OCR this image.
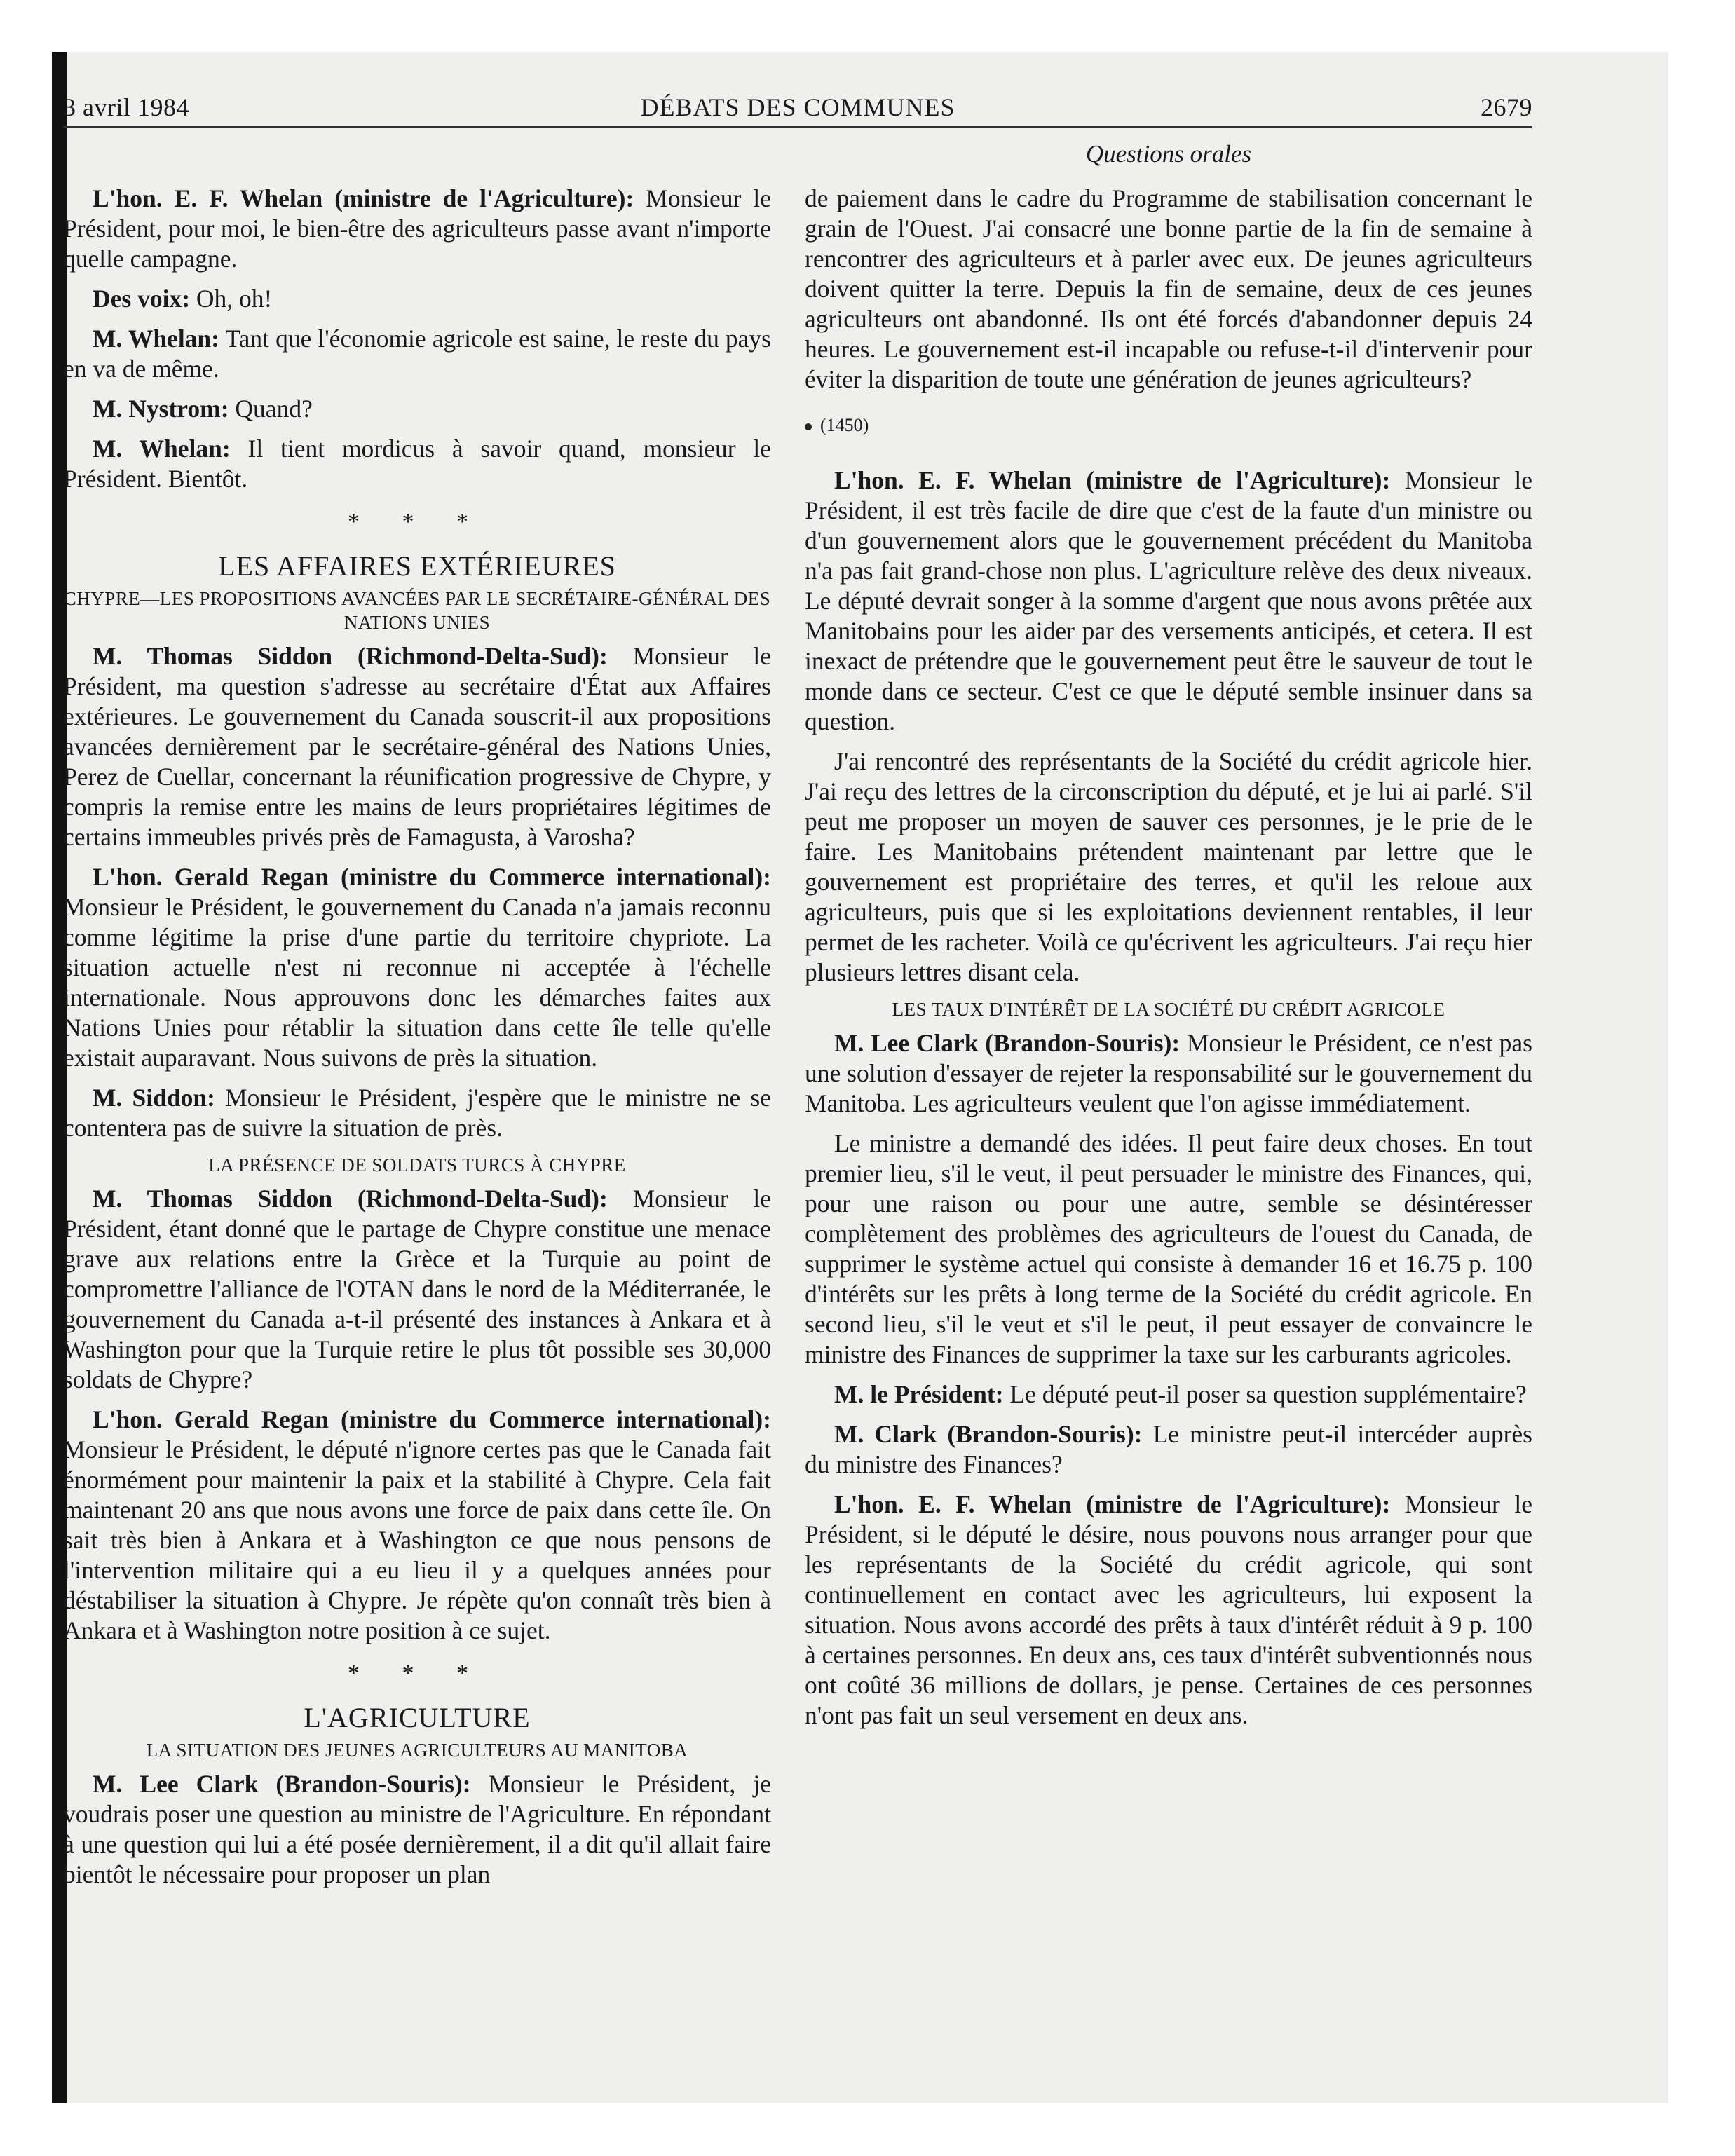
3 avril 1984	DÉBATS DES COMMUNES	2679
Questions orales

L'hon. E. F. Whelan (ministre de l'Agriculture): Monsieur le Président, pour moi, le bien-être des agriculteurs passe avant n'importe quelle campagne.

Des voix: Oh, oh!

M. Whelan: Tant que l'économie agricole est saine, le reste du pays en va de même.

M. Nystrom: Quand?

M. Whelan: Il tient mordicus à savoir quand, monsieur le Président. Bientôt.

* * *
LES AFFAIRES EXTÉRIEURES
CHYPRE—LES PROPOSITIONS AVANCÉES PAR LE SECRÉTAIRE-GÉNÉRAL DES NATIONS UNIES

M. Thomas Siddon (Richmond-Delta-Sud): Monsieur le Président, ma question s'adresse au secrétaire d'État aux Affaires extérieures. Le gouvernement du Canada souscrit-il aux propositions avancées dernièrement par le secrétaire-général des Nations Unies, Perez de Cuellar, concernant la réunification progressive de Chypre, y compris la remise entre les mains de leurs propriétaires légitimes de certains immeubles privés près de Famagusta, à Varosha?

L'hon. Gerald Regan (ministre du Commerce international): Monsieur le Président, le gouvernement du Canada n'a jamais reconnu comme légitime la prise d'une partie du territoire chypriote. La situation actuelle n'est ni reconnue ni acceptée à l'échelle internationale. Nous approuvons donc les démarches faites aux Nations Unies pour rétablir la situation dans cette île telle qu'elle existait auparavant. Nous suivons de près la situation.

M. Siddon: Monsieur le Président, j'espère que le ministre ne se contentera pas de suivre la situation de près.

LA PRÉSENCE DE SOLDATS TURCS À CHYPRE

M. Thomas Siddon (Richmond-Delta-Sud): Monsieur le Président, étant donné que le partage de Chypre constitue une menace grave aux relations entre la Grèce et la Turquie au point de compromettre l'alliance de l'OTAN dans le nord de la Méditerranée, le gouvernement du Canada a-t-il présenté des instances à Ankara et à Washington pour que la Turquie retire le plus tôt possible ses 30,000 soldats de Chypre?

L'hon. Gerald Regan (ministre du Commerce international): Monsieur le Président, le député n'ignore certes pas que le Canada fait énormément pour maintenir la paix et la stabilité à Chypre. Cela fait maintenant 20 ans que nous avons une force de paix dans cette île. On sait très bien à Ankara et à Washington ce que nous pensons de l'intervention militaire qui a eu lieu il y a quelques années pour déstabiliser la situation à Chypre. Je répète qu'on connaît très bien à Ankara et à Washington notre position à ce sujet.

* * *
L'AGRICULTURE
LA SITUATION DES JEUNES AGRICULTEURS AU MANITOBA

M. Lee Clark (Brandon-Souris): Monsieur le Président, je voudrais poser une question au ministre de l'Agriculture. En répondant à une question qui lui a été posée dernièrement, il a dit qu'il allait faire bientôt le nécessaire pour proposer un plan

de paiement dans le cadre du Programme de stabilisation concernant le grain de l'Ouest. J'ai consacré une bonne partie de la fin de semaine à rencontrer des agriculteurs et à parler avec eux. De jeunes agriculteurs doivent quitter la terre. Depuis la fin de semaine, deux de ces jeunes agriculteurs ont abandonné. Ils ont été forcés d'abandonner depuis 24 heures. Le gouvernement est-il incapable ou refuse-t-il d'intervenir pour éviter la disparition de toute une génération de jeunes agriculteurs?

(1450)

L'hon. E. F. Whelan (ministre de l'Agriculture): Monsieur le Président, il est très facile de dire que c'est de la faute d'un ministre ou d'un gouvernement alors que le gouvernement précédent du Manitoba n'a pas fait grand-chose non plus. L'agriculture relève des deux niveaux. Le député devrait songer à la somme d'argent que nous avons prêtée aux Manitobains pour les aider par des versements anticipés, et cetera. Il est inexact de prétendre que le gouvernement peut être le sauveur de tout le monde dans ce secteur. C'est ce que le député semble insinuer dans sa question.

J'ai rencontré des représentants de la Société du crédit agricole hier. J'ai reçu des lettres de la circonscription du député, et je lui ai parlé. S'il peut me proposer un moyen de sauver ces personnes, je le prie de le faire. Les Manitobains prétendent maintenant par lettre que le gouvernement est propriétaire des terres, et qu'il les reloue aux agriculteurs, puis que si les exploitations deviennent rentables, il leur permet de les racheter. Voilà ce qu'écrivent les agriculteurs. J'ai reçu hier plusieurs lettres disant cela.

LES TAUX D'INTÉRÊT DE LA SOCIÉTÉ DU CRÉDIT AGRICOLE

M. Lee Clark (Brandon-Souris): Monsieur le Président, ce n'est pas une solution d'essayer de rejeter la responsabilité sur le gouvernement du Manitoba. Les agriculteurs veulent que l'on agisse immédiatement.

Le ministre a demandé des idées. Il peut faire deux choses. En tout premier lieu, s'il le veut, il peut persuader le ministre des Finances, qui, pour une raison ou pour une autre, semble se désintéresser complètement des problèmes des agriculteurs de l'ouest du Canada, de supprimer le système actuel qui consiste à demander 16 et 16.75 p. 100 d'intérêts sur les prêts à long terme de la Société du crédit agricole. En second lieu, s'il le veut et s'il le peut, il peut essayer de convaincre le ministre des Finances de supprimer la taxe sur les carburants agricoles.

M. le Président: Le député peut-il poser sa question supplémentaire?

M. Clark (Brandon-Souris): Le ministre peut-il intercéder auprès du ministre des Finances?

L'hon. E. F. Whelan (ministre de l'Agriculture): Monsieur le Président, si le député le désire, nous pouvons nous arranger pour que les représentants de la Société du crédit agricole, qui sont continuellement en contact avec les agriculteurs, lui exposent la situation. Nous avons accordé des prêts à taux d'intérêt réduit à 9 p. 100 à certaines personnes. En deux ans, ces taux d'intérêt subventionnés nous ont coûté 36 millions de dollars, je pense. Certaines de ces personnes n'ont pas fait un seul versement en deux ans.
